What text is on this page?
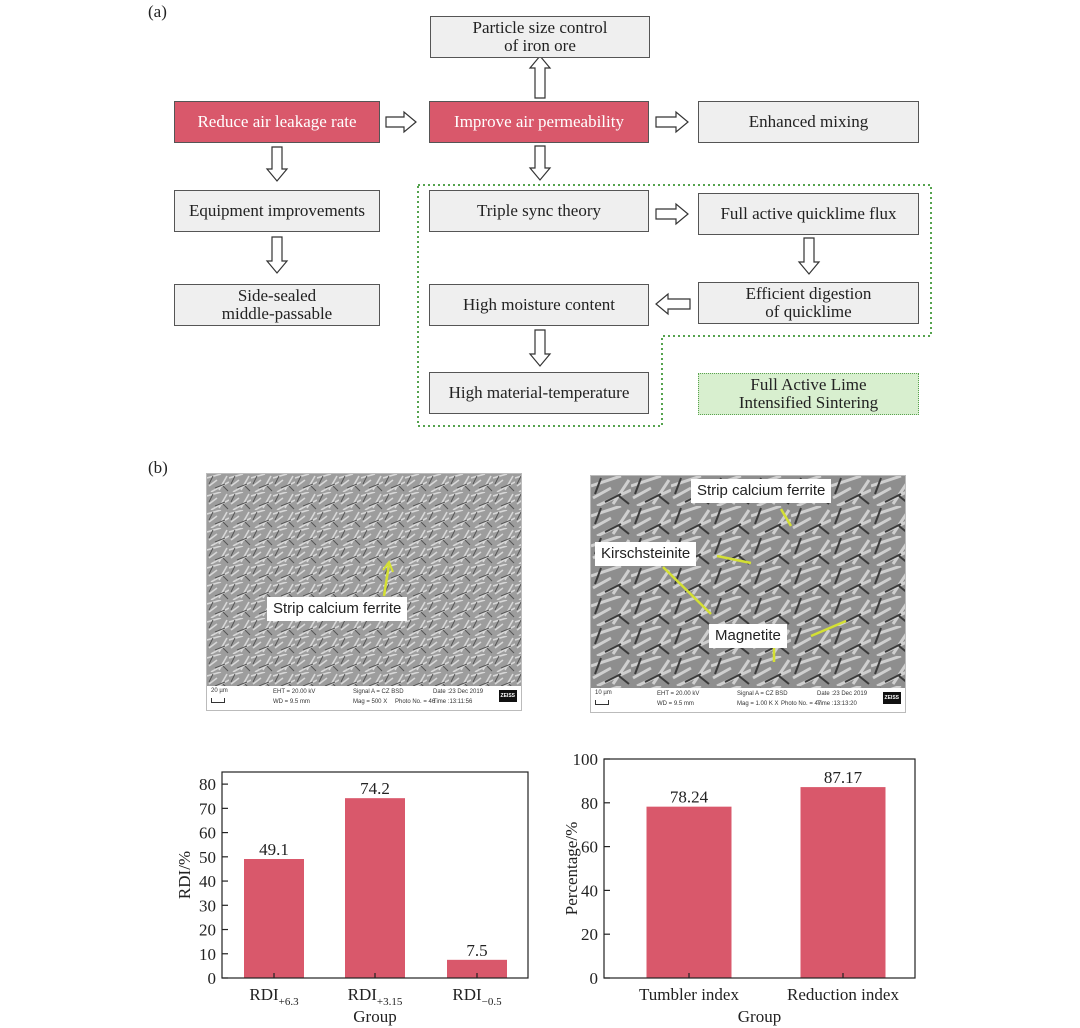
(a)
Particle size control
of iron ore
Reduce air leakage rate	Improve air permeability	Enhanced mixing
Equipment improvements
Side-sealed
middle-passable
Triple sync theory	Full active quicklime flux
Efficient digestion
of quicklime
High moisture content
High material-temperature	Full Active Lime
Intensified Sintering
(b)
Strip calcium ferrite
20 µm	EHT = 20.00 kV
WD = 9.5 mm
Signal A = CZ BSD
Mag = 500 X Photo No. = 46
Date :23 Dec 2019
Time :13:11:56
ZEISS
Strip calcium ferrite
Kirschsteinite
Magnetite
10 µm	EHT = 20.00 kV
WD = 9.5 mm
Signal A = CZ BSD
Mag = 1.00 K X Photo No. = 47
Date :23 Dec 2019
Time :13:13:20
ZEISS
49.1
$RDI_{+6.3}$
74.2
$RDI_{+3.15}$
7.5
$RDI_{-0.5}$
0
10
20
30
40
50
60
70
80
Group
RDI/%
78.24
Tumbler index
87.17
Reduction index
0
20
40
60
80
100
Group
Percentage/%
